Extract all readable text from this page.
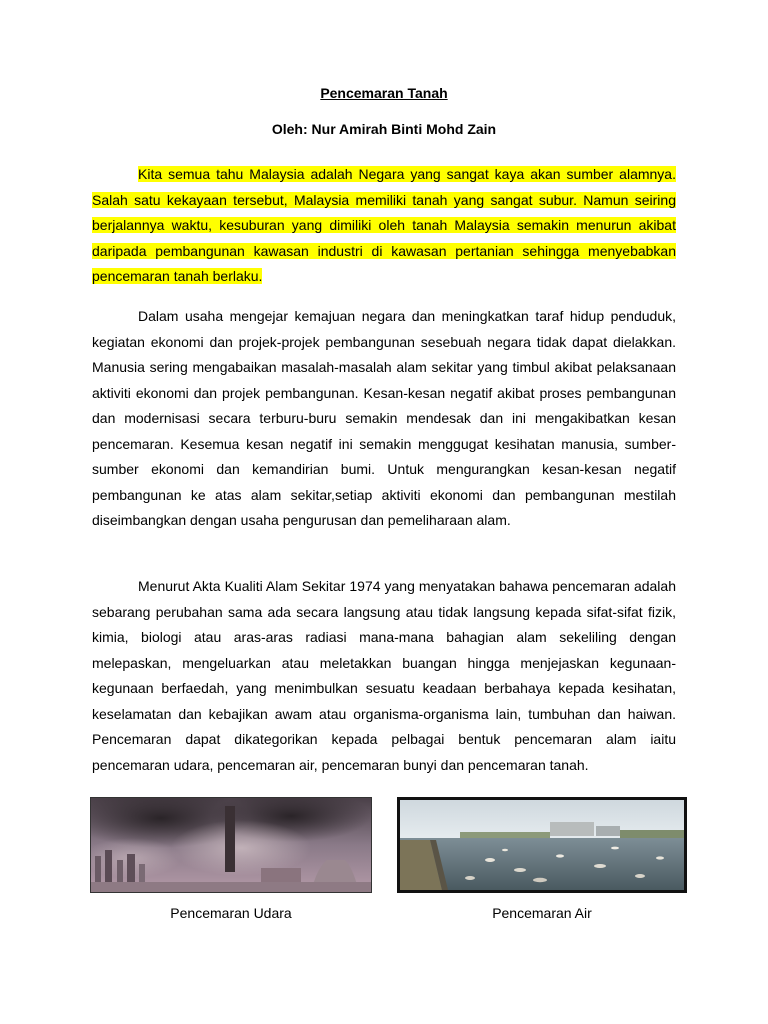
Pencemaran Tanah

Oleh: Nur Amirah Binti Mohd Zain

Kita semua tahu Malaysia adalah Negara yang sangat kaya akan sumber alamnya. Salah satu kekayaan tersebut, Malaysia memiliki tanah yang sangat subur. Namun seiring berjalannya waktu, kesuburan yang dimiliki oleh tanah Malaysia semakin menurun akibat daripada pembangunan kawasan industri di kawasan pertanian sehingga menyebabkan pencemaran tanah berlaku.

Dalam usaha mengejar kemajuan negara dan meningkatkan taraf hidup penduduk, kegiatan ekonomi dan projek-projek pembangunan sesebuah negara tidak dapat dielakkan. Manusia sering mengabaikan masalah-masalah alam sekitar yang timbul akibat pelaksanaan aktiviti ekonomi dan projek pembangunan. Kesan-kesan negatif akibat proses pembangunan dan modernisasi secara terburu-buru semakin mendesak dan ini mengakibatkan kesan pencemaran. Kesemua kesan negatif ini semakin menggugat kesihatan manusia, sumber-sumber ekonomi dan kemandirian bumi. Untuk mengurangkan kesan-kesan negatif pembangunan ke atas alam sekitar,setiap aktiviti ekonomi dan pembangunan mestilah diseimbangkan dengan usaha pengurusan dan pemeliharaan alam.

Menurut Akta Kualiti Alam Sekitar 1974 yang menyatakan bahawa pencemaran adalah sebarang perubahan sama ada secara langsung atau tidak langsung kepada sifat-sifat fizik, kimia, biologi atau aras-aras radiasi mana-mana bahagian alam sekeliling dengan melepaskan, mengeluarkan atau meletakkan buangan hingga menjejaskan kegunaan-kegunaan berfaedah, yang menimbulkan sesuatu keadaan berbahaya kepada kesihatan, keselamatan dan kebajikan awam atau organisma-organisma lain, tumbuhan dan haiwan. Pencemaran dapat dikategorikan kepada pelbagai bentuk pencemaran alam iaitu pencemaran udara, pencemaran air, pencemaran bunyi dan pencemaran tanah.

Pencemaran Udara	Pencemaran Air
